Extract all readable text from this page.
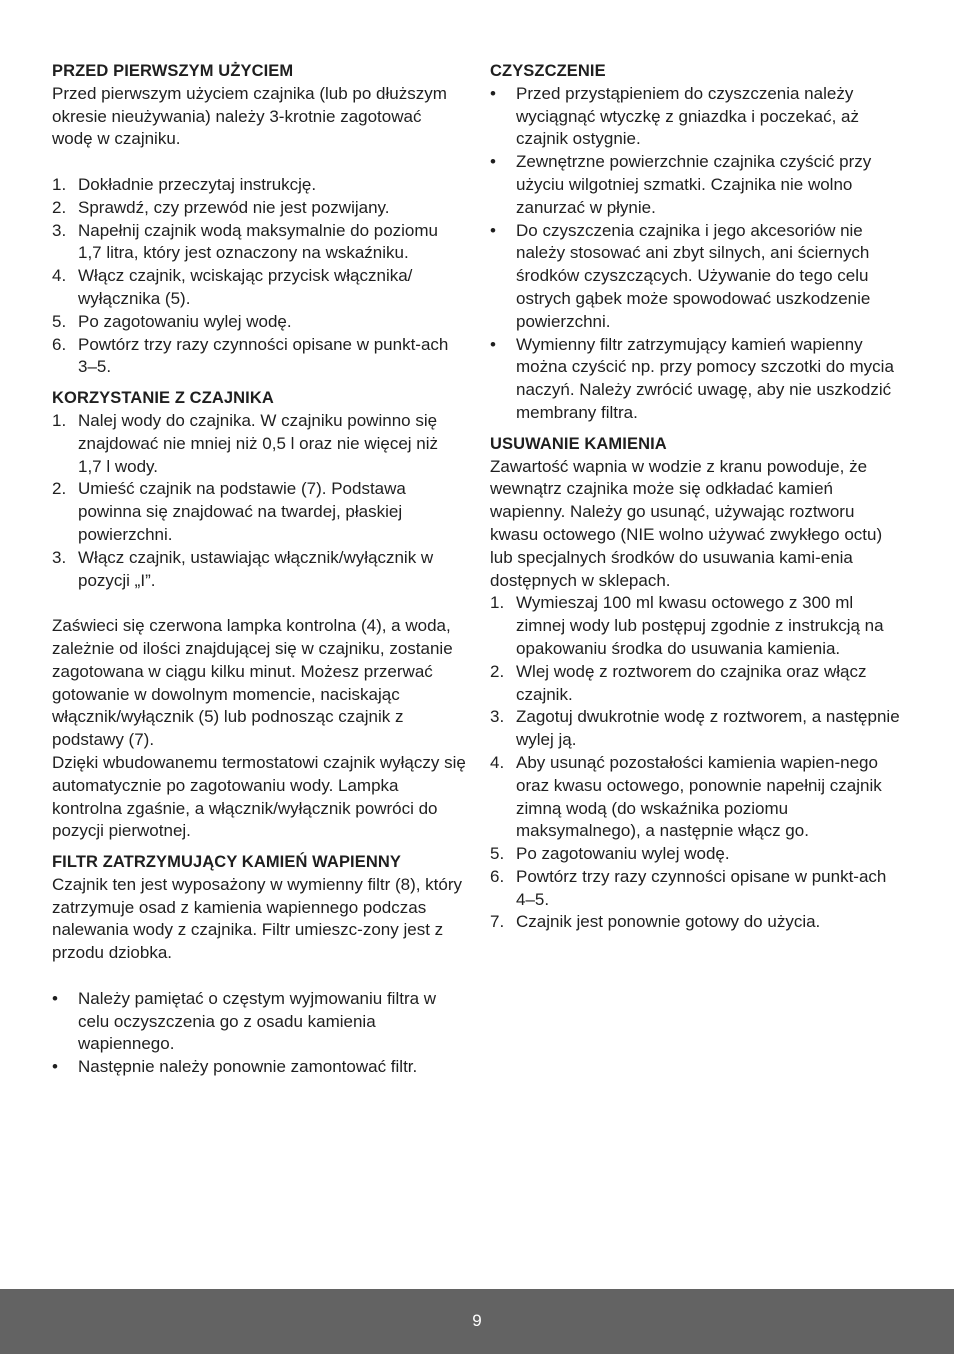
PRZED PIERWSZYM UŻYCIEM

Przed pierwszym użyciem czajnika (lub po dłuższym okresie nieużywania) należy 3-krotnie zagotować wodę w czajniku.

1. Dokładnie przeczytaj instrukcję.
2. Sprawdź, czy przewód nie jest pozwijany.
3. Napełnij czajnik wodą maksymalnie do poziomu 1,7 litra, który jest oznaczony na wskaźniku.
4. Włącz czajnik, wciskając przycisk włącznika/ wyłącznika (5).
5. Po zagotowaniu wylej wodę.
6. Powtórz trzy razy czynności opisane w punkt-ach 3–5.
KORZYSTANIE Z CZAJNIKA
1. Nalej wody do czajnika. W czajniku powinno się znajdować nie mniej niż 0,5 l oraz nie więcej niż 1,7 l wody.
2. Umieść czajnik na podstawie (7). Podstawa powinna się znajdować na twardej, płaskiej powierzchni.
3. Włącz czajnik, ustawiając włącznik/wyłącznik w pozycji „I”.

Zaświeci się czerwona lampka kontrolna (4), a woda, zależnie od ilości znajdującej się w czajniku, zostanie zagotowana w ciągu kilku minut. Możesz przerwać gotowanie w dowolnym momencie, naciskając włącznik/wyłącznik (5) lub podnosząc czajnik z podstawy (7).

Dzięki wbudowanemu termostatowi czajnik wyłączy się automatycznie po zagotowaniu wody. Lampka kontrolna zgaśnie, a włącznik/wyłącznik powróci do pozycji pierwotnej.

FILTR ZATRZYMUJĄCY KAMIEŃ WAPIENNY

Czajnik ten jest wyposażony w wymienny filtr (8), który zatrzymuje osad z kamienia wapiennego podczas nalewania wody z czajnika. Filtr umieszc-zony jest z przodu dziobka.

• Należy pamiętać o częstym wyjmowaniu filtra w celu oczyszczenia go z osadu kamienia wapiennego.
• Następnie należy ponownie zamontować filtr.
CZYSZCZENIE
• Przed przystąpieniem do czyszczenia należy wyciągnąć wtyczkę z gniazdka i poczekać, aż czajnik ostygnie.
• Zewnętrzne powierzchnie czajnika czyścić przy użyciu wilgotniej szmatki. Czajnika nie wolno zanurzać w płynie.
• Do czyszczenia czajnika i jego akcesoriów nie należy stosować ani zbyt silnych, ani ściernych środków czyszczących. Używanie do tego celu ostrych gąbek może spowodować uszkodzenie powierzchni.
• Wymienny filtr zatrzymujący kamień wapienny można czyścić np. przy pomocy szczotki do mycia naczyń. Należy zwrócić uwagę, aby nie uszkodzić membrany filtra.
USUWANIE KAMIENIA

Zawartość wapnia w wodzie z kranu powoduje, że wewnątrz czajnika może się odkładać kamień wapienny. Należy go usunąć, używając roztworu kwasu octowego (NIE wolno używać zwykłego octu) lub specjalnych środków do usuwania kami-enia dostępnych w sklepach.

1. Wymieszaj 100 ml kwasu octowego z 300 ml zimnej wody lub postępuj zgodnie z instrukcją na opakowaniu środka do usuwania kamienia.
2. Wlej wodę z roztworem do czajnika oraz włącz czajnik.
3. Zagotuj dwukrotnie wodę z roztworem, a następnie wylej ją.
4. Aby usunąć pozostałości kamienia wapien-nego oraz kwasu octowego, ponownie napełnij czajnik zimną wodą (do wskaźnika poziomu maksymalnego), a następnie włącz go.
5. Po zagotowaniu wylej wodę.
6. Powtórz trzy razy czynności opisane w punkt-ach 4–5.
7. Czajnik jest ponownie gotowy do użycia.
9
